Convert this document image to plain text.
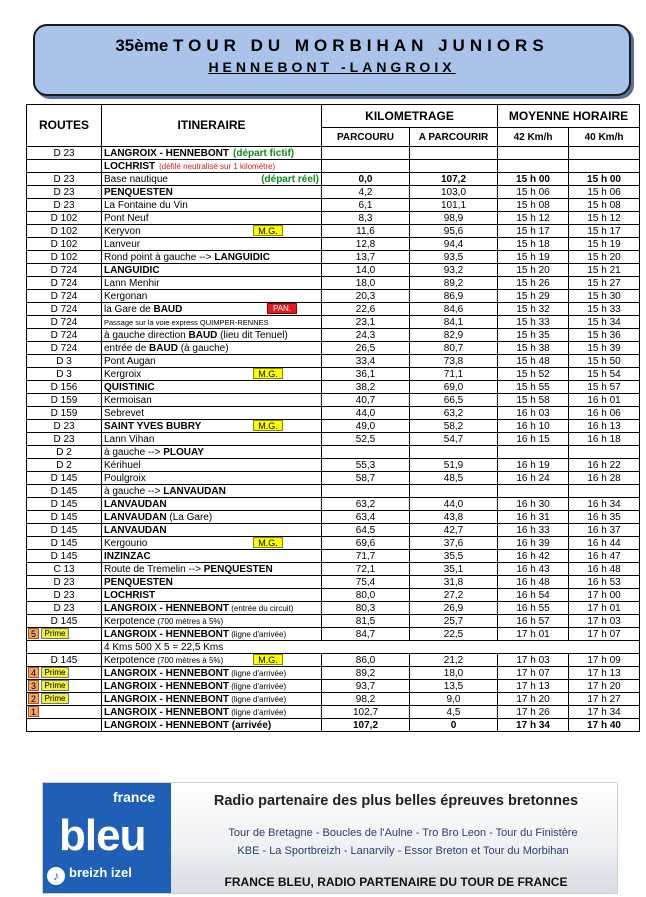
35ème TOUR DU MORBIHAN JUNIORS
HENNEBONT -LANGROIX
ROUTES	ITINERAIRE	KILOMETRAGE		MOYENNE HORAIRE	
		PARCOURU	A PARCOURIR	42 Km/h	40 Km/h
D 23	LANGROIX - HENNEBONT (départ fictif)				
	LOCHRIST (défilé neutralisé sur 1 kilomètre)				
D 23	Base nautique (départ réel)	0,0	107,2	15 h 00	15 h 00
D 23	PENQUESTEN	4,2	103,0	15 h 06	15 h 06
D 23	La Fontaine du Vin	6,1	101,1	15 h 08	15 h 08
D 102	Pont Neuf	8,3	98,9	15 h 12	15 h 12
D 102	Keryvon M.G.	11,6	95,6	15 h 17	15 h 17
D 102	Lanveur	12,8	94,4	15 h 18	15 h 19
D 102	Rond point à gauche --> LANGUIDIC	13,7	93,5	15 h 19	15 h 20
D 724	LANGUIDIC	14,0	93,2	15 h 20	15 h 21
D 724	Lann Menhir	18,0	89,2	15 h 26	15 h 27
D 724	Kergonan	20,3	86,9	15 h 29	15 h 30
D 724	la Gare de BAUD PAN.	22,6	84,6	15 h 32	15 h 33
D 724	Passage sur la voie express QUIMPER-RENNES	23,1	84,1	15 h 33	15 h 34
D 724	à gauche direction BAUD (lieu dit Tenuel)	24,3	82,9	15 h 35	15 h 36
D 724	entrée de BAUD (à gauche)	26,5	80,7	15 h 38	15 h 39
D 3	Pont Augan	33,4	73,8	15 h 48	15 h 50
D 3	Kergroix M.G.	36,1	71,1	15 h 52	15 h 54
D 156	QUISTINIC	38,2	69,0	15 h 55	15 h 57
D 159	Kermoisan	40,7	66,5	15 h 58	16 h 01
D 159	Sebrevet	44,0	63,2	16 h 03	16 h 06
D 23	SAINT YVES BUBRY M.G.	49,0	58,2	16 h 10	16 h 13
D 23	Lann Vihan	52,5	54,7	16 h 15	16 h 18
D 2	à gauche --> PLOUAY				
D 2	Kérihuel	55,3	51,9	16 h 19	16 h 22
D 145	Poulgroix	58,7	48,5	16 h 24	16 h 28
D 145	à gauche --> LANVAUDAN				
D 145	LANVAUDAN	63,2	44,0	16 h 30	16 h 34
D 145	LANVAUDAN (La Gare)	63,4	43,8	16 h 31	16 h 35
D 145	LANVAUDAN	64,5	42,7	16 h 33	16 h 37
D 145	Kergourio M.G.	69,6	37,6	16 h 39	16 h 44
D 145	INZINZAC	71,7	35,5	16 h 42	16 h 47
C 13	Route de Tremelin --> PENQUESTEN	72,1	35,1	16 h 43	16 h 48
D 23	PENQUESTEN	75,4	31,8	16 h 48	16 h 53
D 23	LOCHRIST	80,0	27,2	16 h 54	17 h 00
D 23	LANGROIX - HENNEBONT (entrée du circuit)	80,3	26,9	16 h 55	17 h 01
D 145	Kerpotence (700 mètres à 5%)	81,5	25,7	16 h 57	17 h 03

5 Prime	LANGROIX - HENNEBONT (ligne d'arrivée)	84,7	22,5	17 h 01	17 h 07
	4 Kms 500 X 5 = 22,5 Kms				
D 145	Kerpotence (700 mètres à 5%) M.G.	86,0	21,2	17 h 03	17 h 09

4 Prime	LANGROIX - HENNEBONT (ligne d'arrivée)	89,2	18,0	17 h 07	17 h 13

3 Prime	LANGROIX - HENNEBONT (ligne d'arrivée)	93,7	13,5	17 h 13	17 h 20

2 Prime	LANGROIX - HENNEBONT (ligne d'arrivée)	98,2	9,0	17 h 20	17 h 27

1	LANGROIX - HENNEBONT (ligne d'arrivée)	102,7	4,5	17 h 26	17 h 34
	LANGROIX - HENNEBONT (arrivée)	107,2	0	17 h 34	17 h 40
france
bleu
♪ breizh izel
Radio partenaire des plus belles épreuves bretonnes
Tour de Bretagne - Boucles de l'Aulne - Tro Bro Leon - Tour du Finistère
KBE - La Sportbreizh - Lanarvily - Essor Breton et Tour du Morbihan
FRANCE BLEU, RADIO PARTENAIRE DU TOUR DE FRANCE
